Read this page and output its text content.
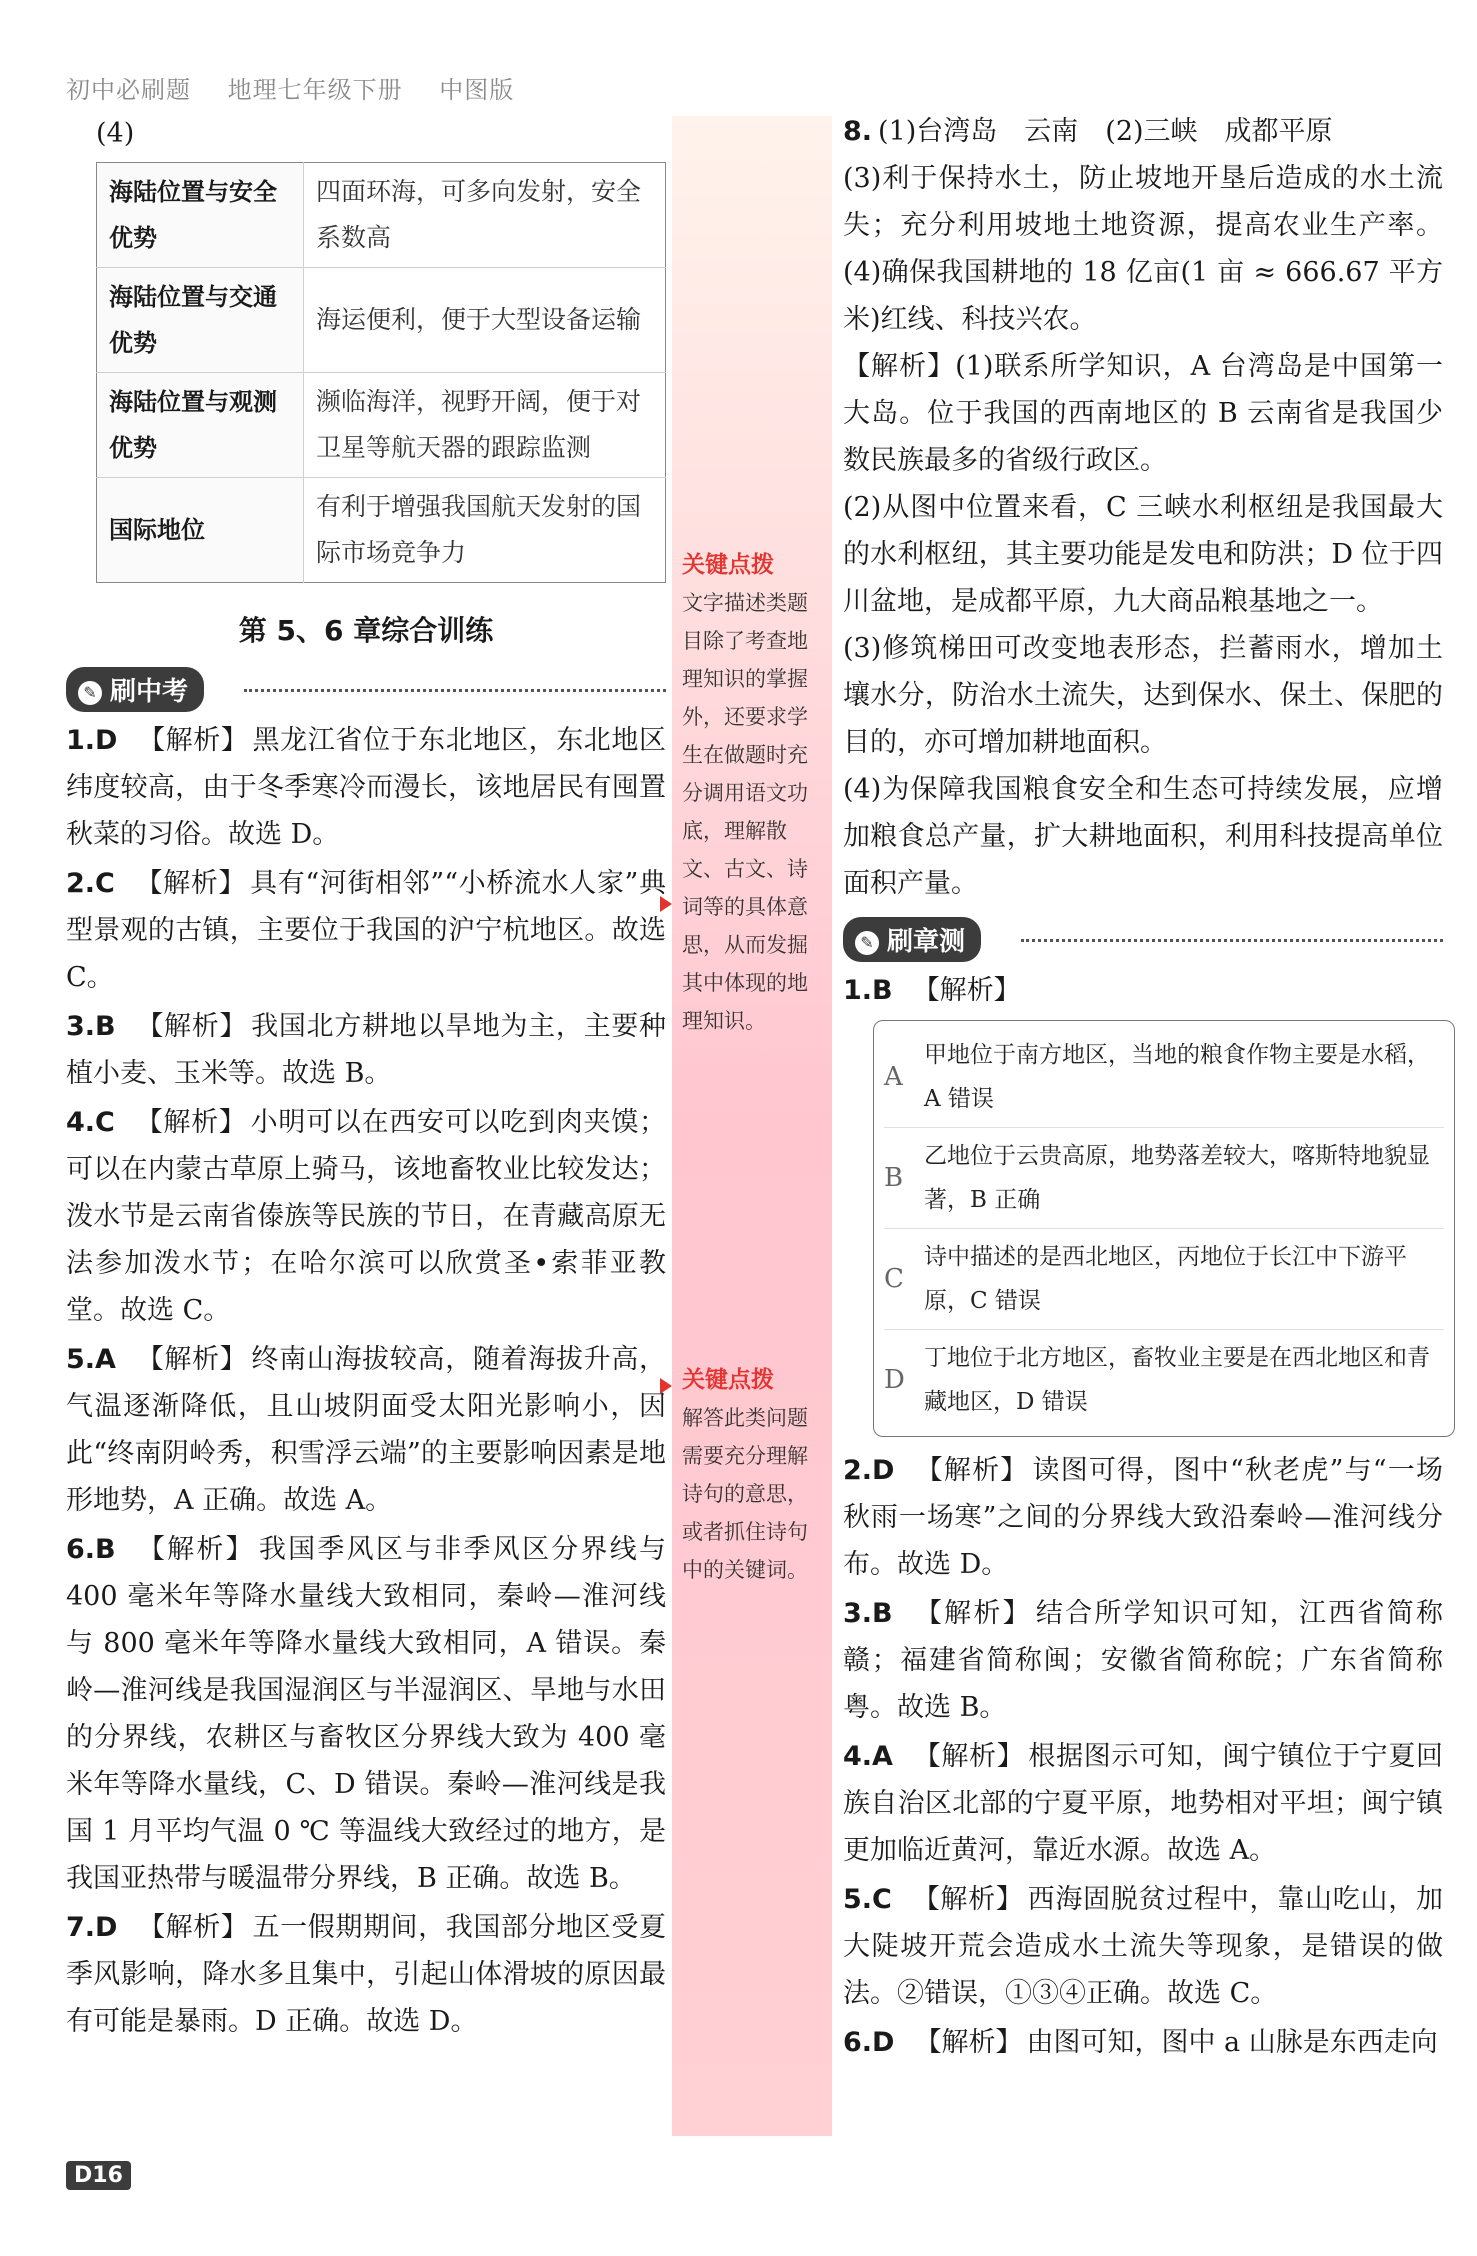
初中必刷题 地理七年级下册 中图版
(4)
海陆位置与安全优势	四面环海，可多向发射，安全系数高
海陆位置与交通优势	海运便利，便于大型设备运输
海陆位置与观测优势	濒临海洋，视野开阔，便于对卫星等航天器的跟踪监测
国际地位	有利于增强我国航天发射的国际市场竞争力
第 5、6 章综合训练
✎ 刷中考
1.D 【解析】 黑龙江省位于东北地区，东北地区纬度较高，由于冬季寒冷而漫长，该地居民有囤置秋菜的习俗。故选 D。
2.C 【解析】 具有“河街相邻”“小桥流水人家”典型景观的古镇，主要位于我国的沪宁杭地区。故选 C。
3.B 【解析】 我国北方耕地以旱地为主，主要种植小麦、玉米等。故选 B。
4.C 【解析】 小明可以在西安可以吃到肉夹馍；可以在内蒙古草原上骑马，该地畜牧业比较发达；泼水节是云南省傣族等民族的节日，在青藏高原无法参加泼水节；在哈尔滨可以欣赏圣•索菲亚教堂。故选 C。
5.A 【解析】 终南山海拔较高，随着海拔升高，气温逐渐降低，且山坡阴面受太阳光影响小，因此“终南阴岭秀，积雪浮云端”的主要影响因素是地形地势，A 正确。故选 A。
6.B 【解析】 我国季风区与非季风区分界线与 400 毫米年等降水量线大致相同，秦岭—淮河线与 800 毫米年等降水量线大致相同，A 错误。秦岭—淮河线是我国湿润区与半湿润区、旱地与水田的分界线，农耕区与畜牧区分界线大致为 400 毫米年等降水量线，C、D 错误。秦岭—淮河线是我国 1 月平均气温 0 ℃ 等温线大致经过的地方，是我国亚热带与暖温带分界线，B 正确。故选 B。
7.D 【解析】 五一假期期间，我国部分地区受夏季风影响，降水多且集中，引起山体滑坡的原因最有可能是暴雨。D 正确。故选 D。
关键点拨
文字描述类题目除了考查地理知识的掌握外，还要求学生在做题时充分调用语文功底，理解散文、古文、诗词等的具体意思，从而发掘其中体现的地理知识。
关键点拨
解答此类问题需要充分理解诗句的意思，或者抓住诗句中的关键词。
8. (1)台湾岛　云南　(2)三峡　成都平原
(3)利于保持水土，防止坡地开垦后造成的水土流失；充分利用坡地土地资源，提高农业生产率。(4)确保我国耕地的 18 亿亩(1 亩 ≈ 666.67 平方米)红线、科技兴农。
【解析】(1)联系所学知识，A 台湾岛是中国第一大岛。位于我国的西南地区的 B 云南省是我国少数民族最多的省级行政区。
(2)从图中位置来看，C 三峡水利枢纽是我国最大的水利枢纽，其主要功能是发电和防洪；D 位于四川盆地，是成都平原，九大商品粮基地之一。
(3)修筑梯田可改变地表形态，拦蓄雨水，增加土壤水分，防治水土流失，达到保水、保土、保肥的目的，亦可增加耕地面积。
(4)为保障我国粮食安全和生态可持续发展，应增加粮食总产量，扩大耕地面积，利用科技提高单位面积产量。
✎ 刷章测
1.B 【解析】
A
甲地位于南方地区，当地的粮食作物主要是水稻，A 错误
B
乙地位于云贵高原，地势落差较大，喀斯特地貌显著，B 正确
C
诗中描述的是西北地区，丙地位于长江中下游平原，C 错误
D
丁地位于北方地区，畜牧业主要是在西北地区和青藏地区，D 错误
2.D 【解析】 读图可得，图中“秋老虎”与“一场秋雨一场寒”之间的分界线大致沿秦岭—淮河线分布。故选 D。
3.B 【解析】 结合所学知识可知，江西省简称赣；福建省简称闽；安徽省简称皖；广东省简称粤。故选 B。
4.A 【解析】 根据图示可知，闽宁镇位于宁夏回族自治区北部的宁夏平原，地势相对平坦；闽宁镇更加临近黄河，靠近水源。故选 A。
5.C 【解析】 西海固脱贫过程中，靠山吃山，加大陡坡开荒会造成水土流失等现象，是错误的做法。②错误，①③④正确。故选 C。
6.D 【解析】 由图可知，图中 a 山脉是东西走向
D16
